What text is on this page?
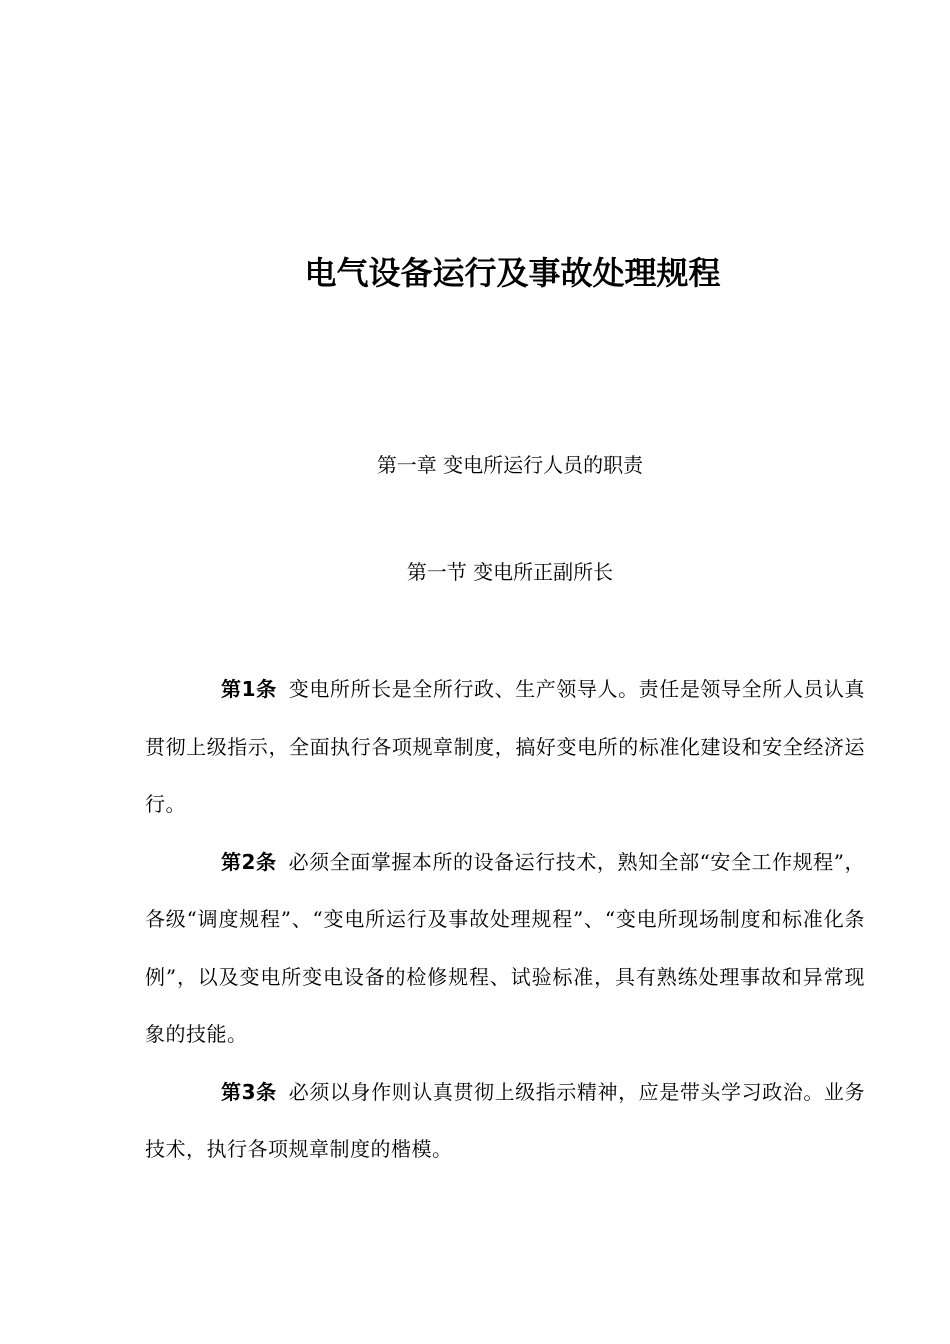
电气设备运行及事故处理规程
第一章 变电所运行人员的职责
第一节 变电所正副所长

第1条 变电所所长是全所行政、生产领导人。责任是领导全所人员认真贯彻上级指示，全面执行各项规章制度，搞好变电所的标准化建设和安全经济运行。

第2条 必须全面掌握本所的设备运行技术，熟知全部“安全工作规程”，各级“调度规程”、“变电所运行及事故处理规程”、“变电所现场制度和标准化条例”，以及变电所变电设备的检修规程、试验标准，具有熟练处理事故和异常现象的技能。

第3条 必须以身作则认真贯彻上级指示精神，应是带头学习政治。业务技术，执行各项规章制度的楷模。
